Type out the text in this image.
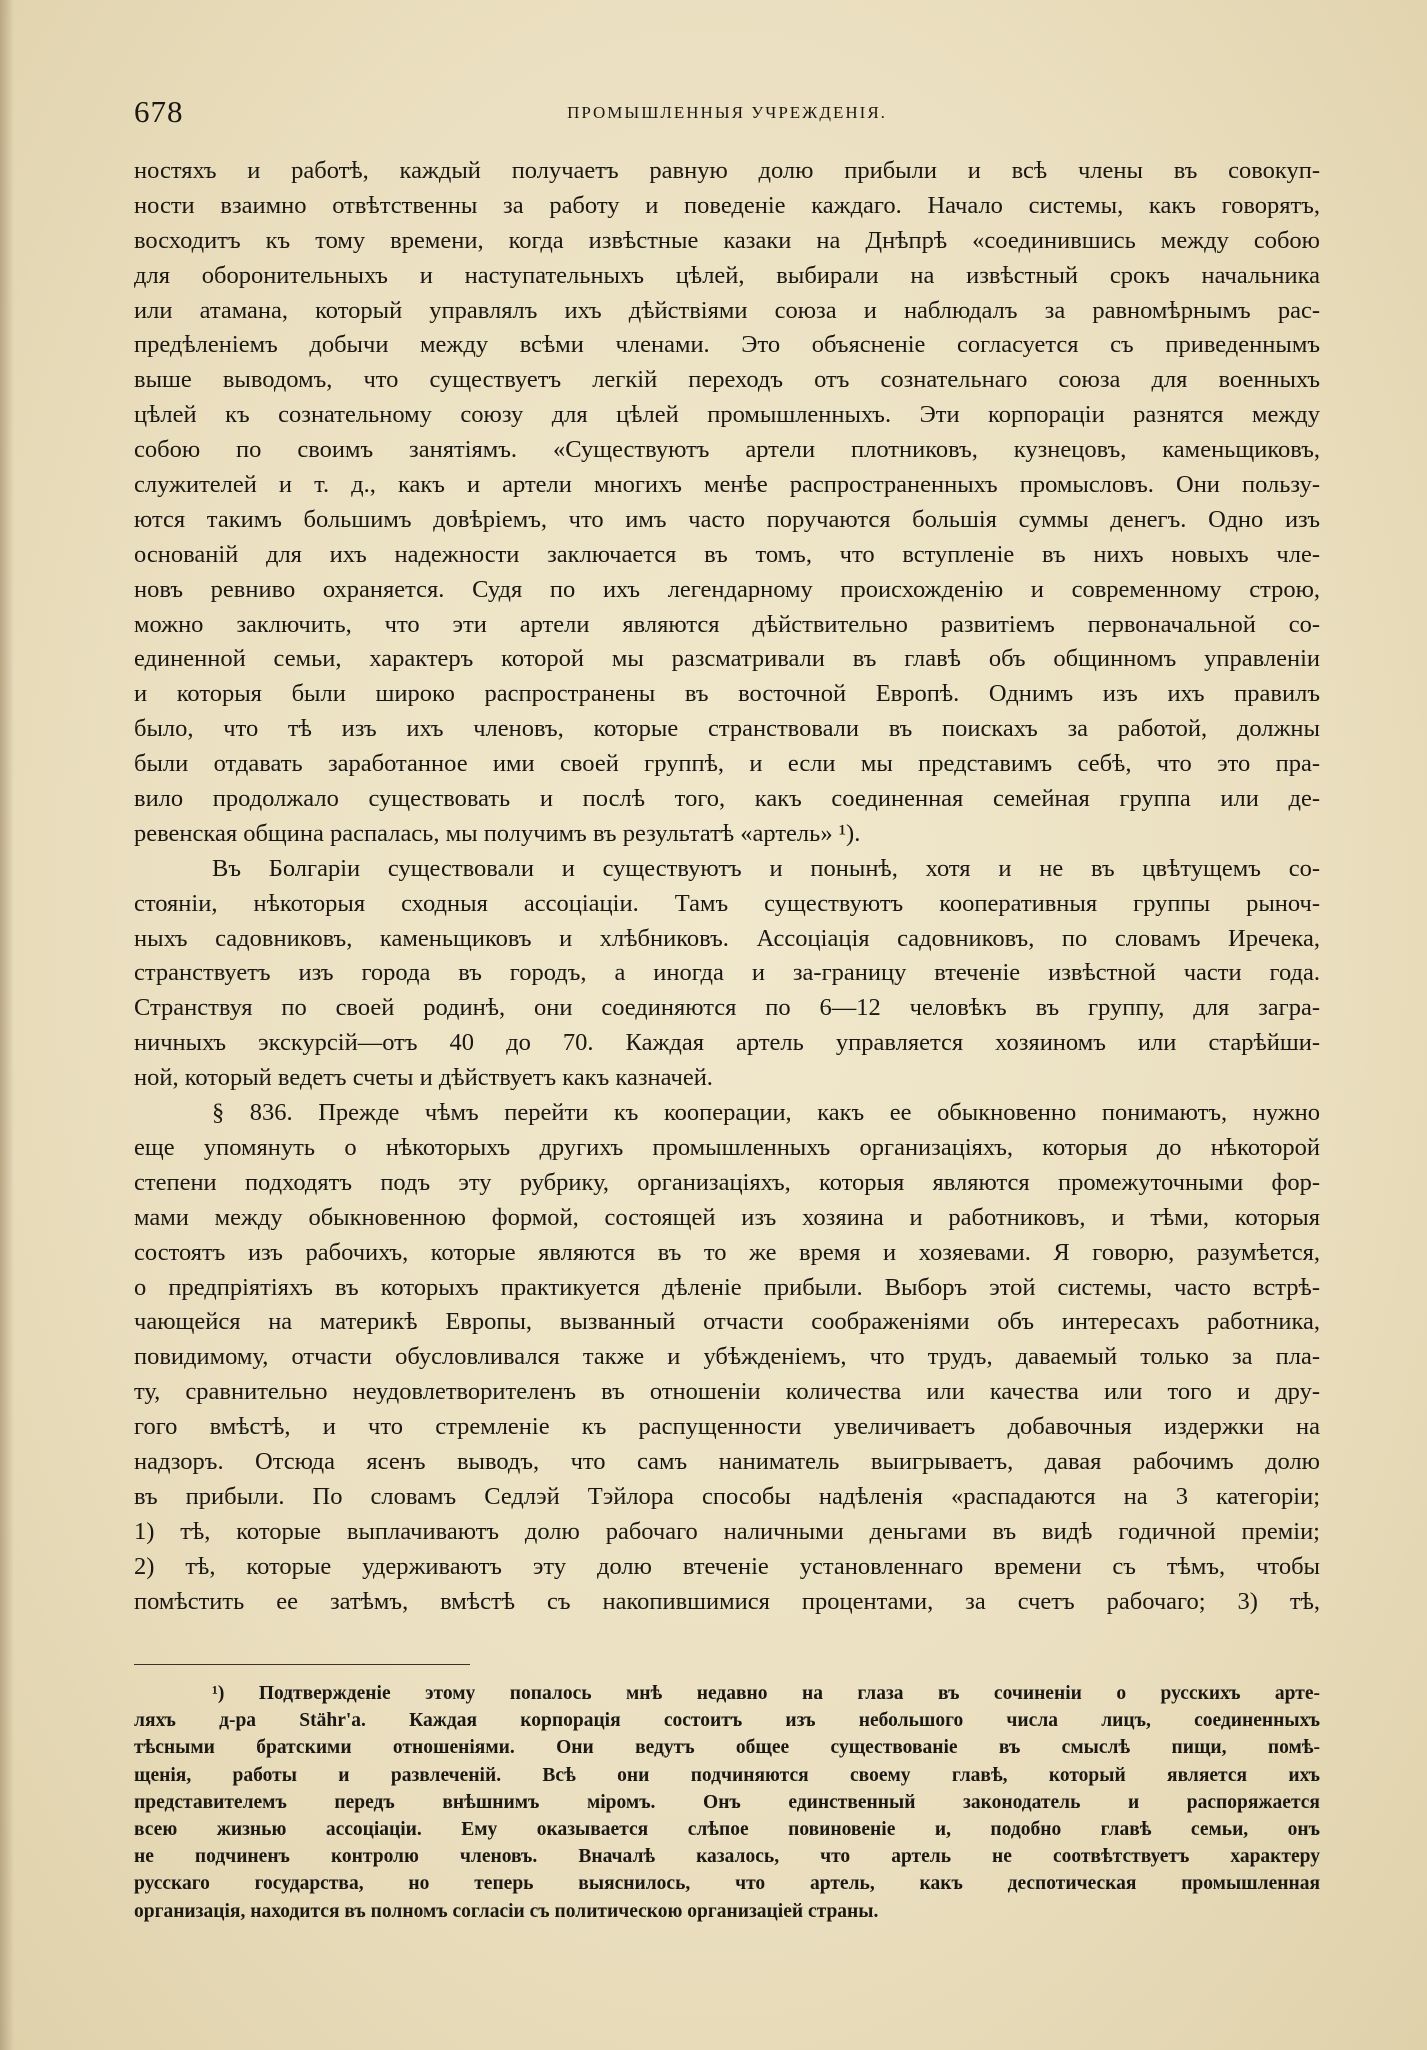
678	ПРОМЫШЛЕННЫЯ УЧРЕЖДЕНІЯ.
ностяхъ и работѣ, каждый получаетъ равную долю прибыли и всѣ члены въ совокуп-
ности взаимно отвѣтственны за работу и поведеніе каждаго. Начало системы, какъ говорятъ,
восходитъ къ тому времени, когда извѣстные казаки на Днѣпрѣ «соединившись между собою
для оборонительныхъ и наступательныхъ цѣлей, выбирали на извѣстный срокъ начальника
или атамана, который управлялъ ихъ дѣйствіями союза и наблюдалъ за равномѣрнымъ рас-
предѣленіемъ добычи между всѣми членами. Это объясненіе согласуется съ приведеннымъ
выше выводомъ, что существуетъ легкій переходъ отъ сознательнаго союза для военныхъ
цѣлей къ сознательному союзу для цѣлей промышленныхъ. Эти корпораціи разнятся между
собою по своимъ занятіямъ. «Существуютъ артели плотниковъ, кузнецовъ, каменьщиковъ,
служителей и т. д., какъ и артели многихъ менѣе распространенныхъ промысловъ. Они пользу-
ются такимъ большимъ довѣріемъ, что имъ часто поручаются большія суммы денегъ. Одно изъ
основаній для ихъ надежности заключается въ томъ, что вступленіе въ нихъ новыхъ чле-
новъ ревниво охраняется. Судя по ихъ легендарному происхожденію и современному строю,
можно заключить, что эти артели являются дѣйствительно развитіемъ первоначальной со-
единенной семьи, характеръ которой мы разсматривали въ главѣ объ общинномъ управленіи
и которыя были широко распространены въ восточной Европѣ. Однимъ изъ ихъ правилъ
было, что тѣ изъ ихъ членовъ, которые странствовали въ поискахъ за работой, должны
были отдавать заработанное ими своей группѣ, и если мы представимъ себѣ, что это пра-
вило продолжало существовать и послѣ того, какъ соединенная семейная группа или де-
ревенская община распалась, мы получимъ въ результатѣ «артель» ¹).
Въ Болгаріи существовали и существуютъ и понынѣ, хотя и не въ цвѣтущемъ со-
стояніи, нѣкоторыя сходныя ассоціаціи. Тамъ существуютъ кооперативныя группы рыноч-
ныхъ садовниковъ, каменьщиковъ и хлѣбниковъ. Ассоціація садовниковъ, по словамъ Иречека,
странствуетъ изъ города въ городъ, а иногда и за-границу втеченіе извѣстной части года.
Странствуя по своей родинѣ, они соединяются по 6—12 человѣкъ въ группу, для загра-
ничныхъ экскурсій—отъ 40 до 70. Каждая артель управляется хозяиномъ или старѣйши-
ной, который ведетъ счеты и дѣйствуетъ какъ казначей.
§ 836. Прежде чѣмъ перейти къ кооперации, какъ ее обыкновенно понимаютъ, нужно
еще упомянуть о нѣкоторыхъ другихъ промышленныхъ организаціяхъ, которыя до нѣкоторой
степени подходятъ подъ эту рубрику, организаціяхъ, которыя являются промежуточными фор-
мами между обыкновенною формой, состоящей изъ хозяина и работниковъ, и тѣми, которыя
состоятъ изъ рабочихъ, которые являются въ то же время и хозяевами. Я говорю, разумѣется,
о предпріятіяхъ въ которыхъ практикуется дѣленіе прибыли. Выборъ этой системы, часто встрѣ-
чающейся на материкѣ Европы, вызванный отчасти соображеніями объ интересахъ работника,
повидимому, отчасти обусловливался также и убѣжденіемъ, что трудъ, даваемый только за пла-
ту, сравнительно неудовлетворителенъ въ отношеніи количества или качества или того и дру-
гого вмѣстѣ, и что стремленіе къ распущенности увеличиваетъ добавочныя издержки на
надзоръ. Отсюда ясенъ выводъ, что самъ наниматель выигрываетъ, давая рабочимъ долю
въ прибыли. По словамъ Седлэй Тэйлора способы надѣленія «распадаются на 3 категоріи;
1) тѣ, которые выплачиваютъ долю рабочаго наличными деньгами въ видѣ годичной преміи;
2) тѣ, которые удерживаютъ эту долю втеченіе установленнаго времени съ тѣмъ, чтобы
помѣстить ее затѣмъ, вмѣстѣ съ накопившимися процентами, за счетъ рабочаго; 3) тѣ,
¹) Подтвержденіе этому попалось мнѣ недавно на глаза въ сочиненіи о русскихъ арте-
ляхъ д-ра Stähr'а. Каждая корпорація состоитъ изъ небольшого числа лицъ, соединенныхъ
тѣсными братскими отношеніями. Они ведутъ общее существованіе въ смыслѣ пищи, помѣ-
щенія, работы и развлеченій. Всѣ они подчиняются своему главѣ, который является ихъ
представителемъ передъ внѣшнимъ міромъ. Онъ единственный законодатель и распоряжается
всею жизнью ассоціаціи. Ему оказывается слѣпое повиновеніе и, подобно главѣ семьи, онъ
не подчиненъ контролю членовъ. Вначалѣ казалось, что артель не соотвѣтствуетъ характеру
русскаго государства, но теперь выяснилось, что артель, какъ деспотическая промышленная
организація, находится въ полномъ согласіи съ политическою организаціей страны.
